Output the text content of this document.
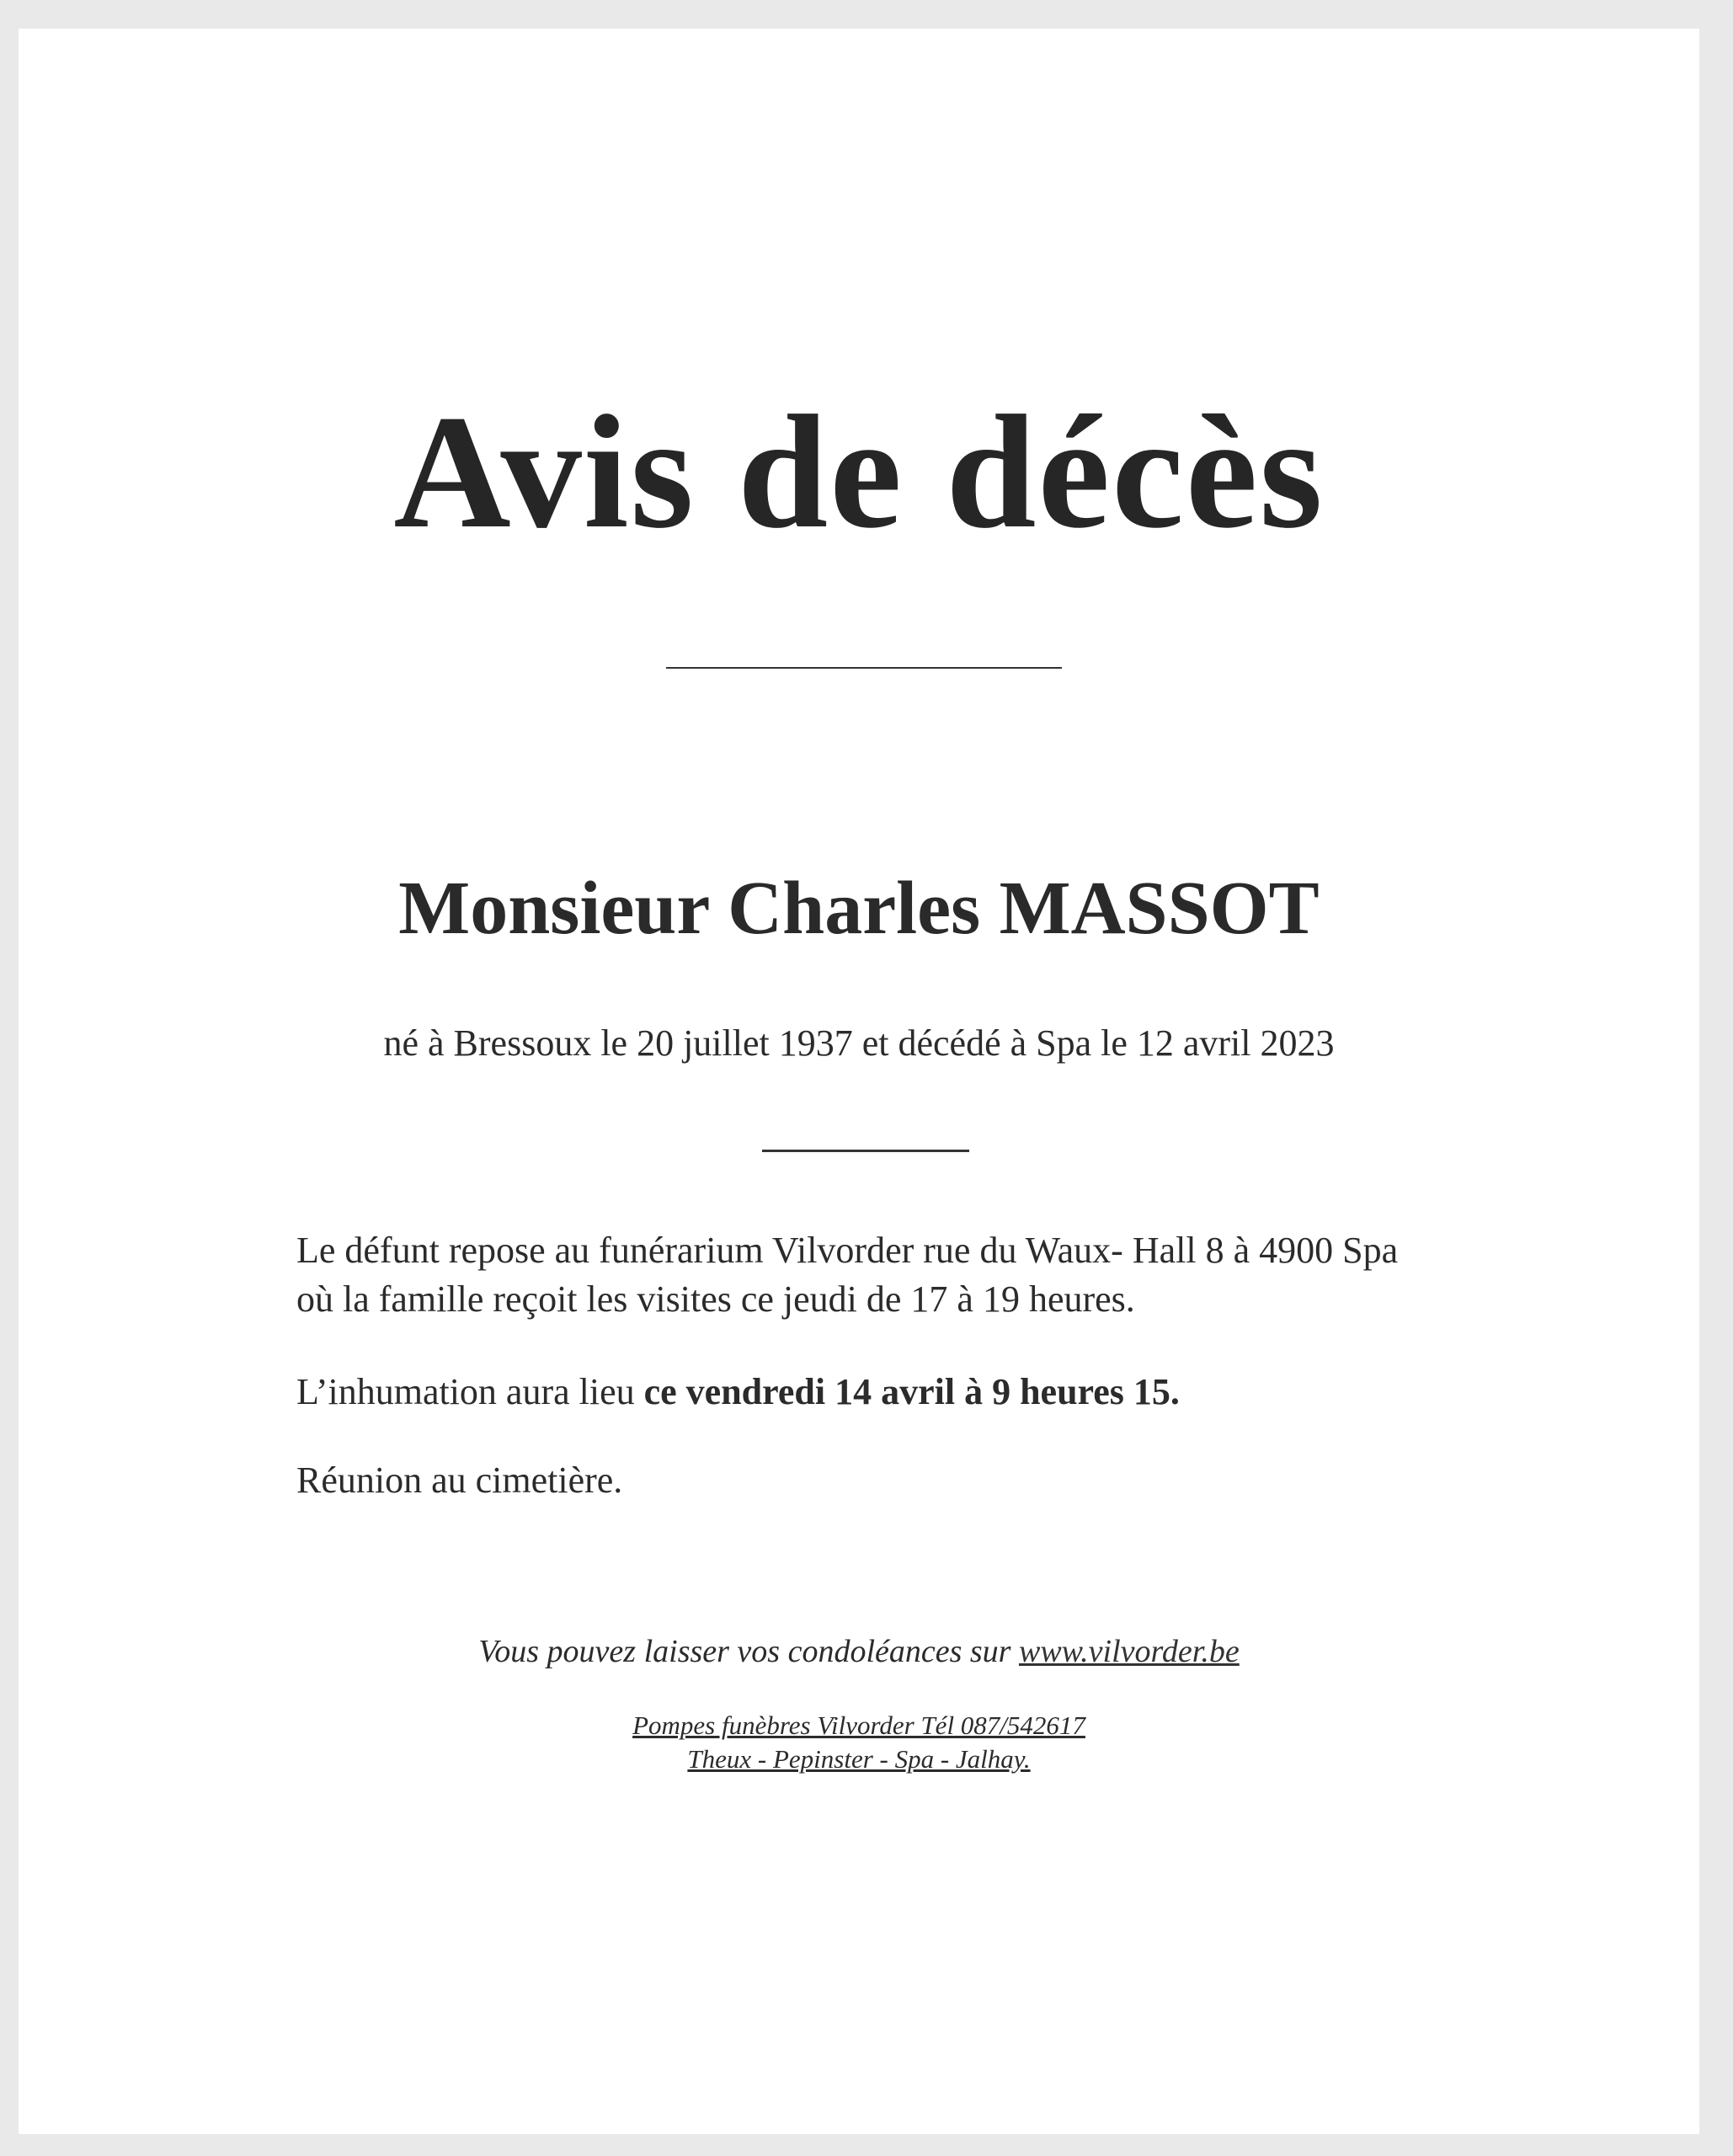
Avis de décès
Monsieur Charles MASSOT
né à Bressoux le 20 juillet 1937 et décédé à Spa le 12 avril 2023
Le défunt repose au funérarium Vilvorder rue du Waux- Hall 8 à 4900 Spa
où la famille reçoit les visites ce jeudi de 17 à 19 heures.
L’inhumation aura lieu ce vendredi 14 avril à 9 heures 15.
Réunion au cimetière.
Vous pouvez laisser vos condoléances sur www.vilvorder.be
Pompes funèbres Vilvorder Tél 087/542617
Theux - Pepinster - Spa - Jalhay.
